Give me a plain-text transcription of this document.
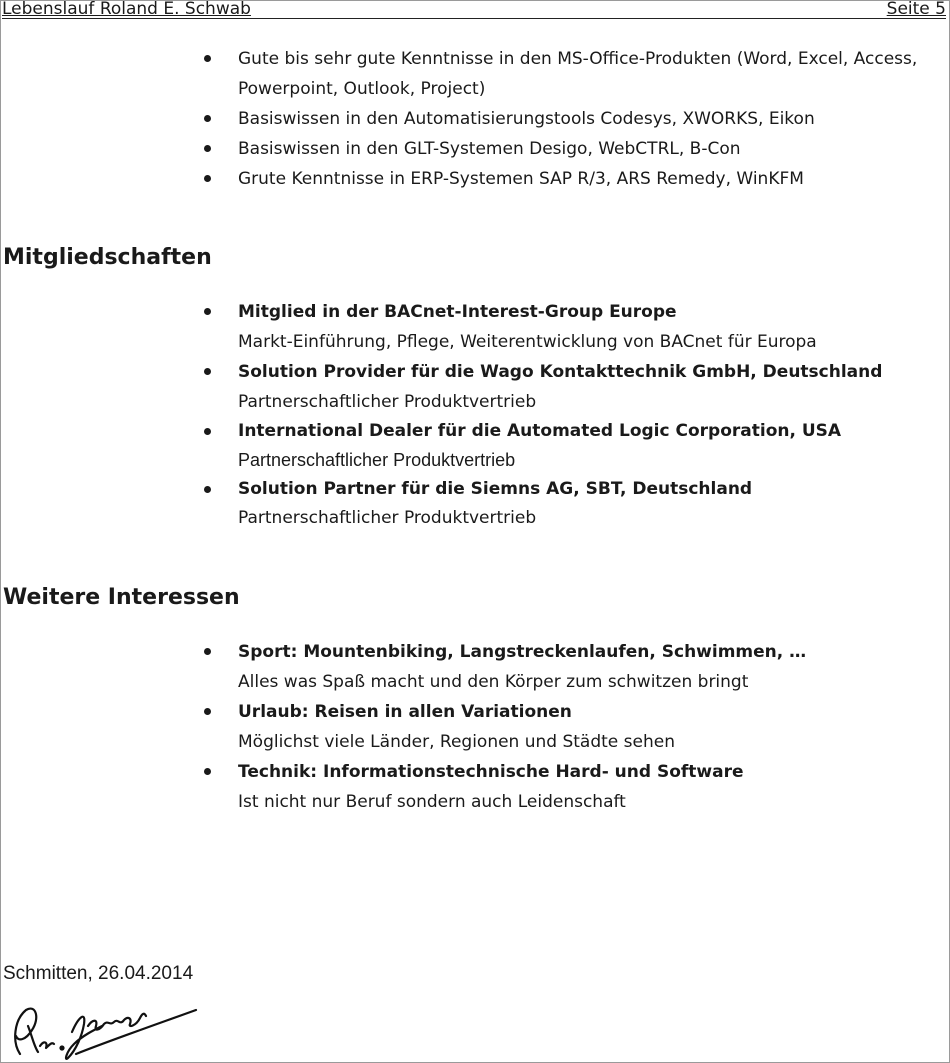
Lebenslauf Roland E. Schwab	Seite 5
Gute bis sehr gute Kenntnisse in den MS-Office-Produkten (Word, Excel, Access, Powerpoint, Outlook, Project)
Basiswissen in den Automatisierungstools Codesys, XWORKS, Eikon
Basiswissen in den GLT-Systemen Desigo, WebCTRL, B-Con
Grute Kenntnisse in ERP-Systemen SAP R/3, ARS Remedy, WinKFM
Mitgliedschaften
Mitglied in der BACnet-Interest-Group Europe
Markt-Einführung, Pflege, Weiterentwicklung von BACnet für Europa
Solution Provider für die Wago Kontakttechnik GmbH, Deutschland
Partnerschaftlicher Produktvertrieb
International Dealer für die Automated Logic Corporation, USA
Partnerschaftlicher Produktvertrieb
Solution Partner für die Siemns AG, SBT, Deutschland
Partnerschaftlicher Produktvertrieb
Weitere Interessen
Sport: Mountenbiking, Langstreckenlaufen, Schwimmen, …
Alles was Spaß macht und den Körper zum schwitzen bringt
Urlaub: Reisen in allen Variationen
Möglichst viele Länder, Regionen und Städte sehen
Technik: Informationstechnische Hard- und Software
Ist nicht nur Beruf sondern auch Leidenschaft
Schmitten, 26.04.2014
